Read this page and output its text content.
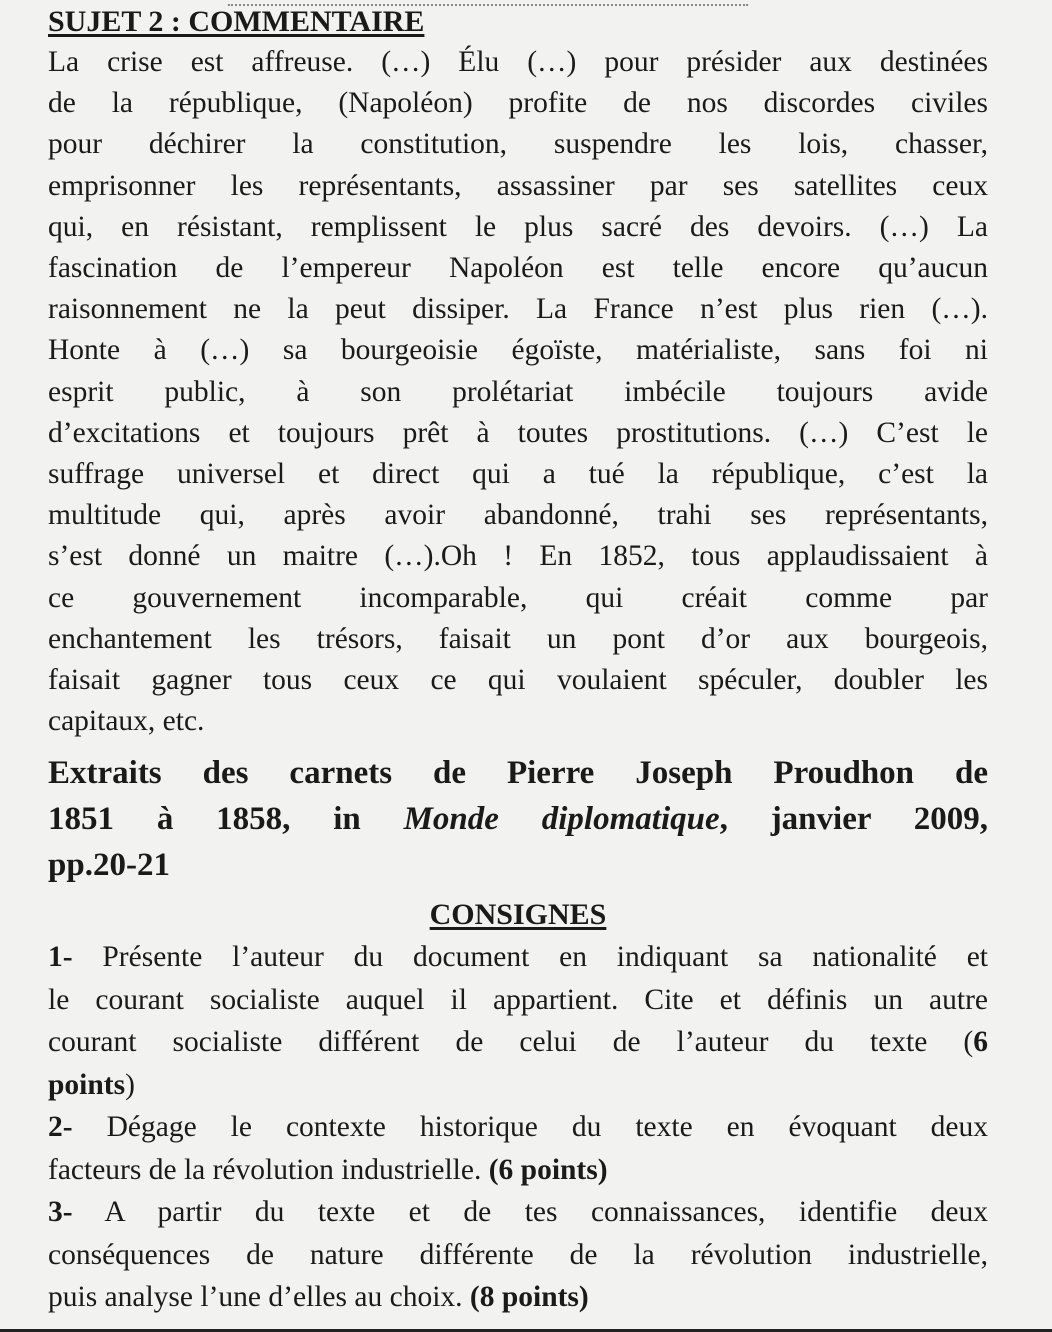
SUJET 2 : COMMENTAIRE
La crise est affreuse. (…) Élu (…) pour présider aux destinées
de la république, (Napoléon) profite de nos discordes civiles
pour déchirer la constitution, suspendre les lois, chasser,
emprisonner les représentants, assassiner par ses satellites ceux
qui, en résistant, remplissent le plus sacré des devoirs. (…) La
fascination de l’empereur Napoléon est telle encore qu’aucun
raisonnement ne la peut dissiper. La France n’est plus rien (…).
Honte à (…) sa bourgeoisie égoïste, matérialiste, sans foi ni
esprit public, à son prolétariat imbécile toujours avide
d’excitations et toujours prêt à toutes prostitutions. (…) C’est le
suffrage universel et direct qui a tué la république, c’est la
multitude qui, après avoir abandonné, trahi ses représentants,
s’est donné un maitre (…).Oh ! En 1852, tous applaudissaient à
ce gouvernement incomparable, qui créait comme par
enchantement les trésors, faisait un pont d’or aux bourgeois,
faisait gagner tous ceux ce qui voulaient spéculer, doubler les
capitaux, etc.
Extraits des carnets de Pierre Joseph Proudhon de
1851 à 1858, in Monde diplomatique, janvier 2009,
pp.20-21
CONSIGNES
1- Présente l’auteur du document en indiquant sa nationalité et
le courant socialiste auquel il appartient. Cite et définis un autre
courant socialiste différent de celui de l’auteur du texte (6
points)
2- Dégage le contexte historique du texte en évoquant deux
facteurs de la révolution industrielle. (6 points)
3- A partir du texte et de tes connaissances, identifie deux
conséquences de nature différente de la révolution industrielle,
puis analyse l’une d’elles au choix. (8 points)
